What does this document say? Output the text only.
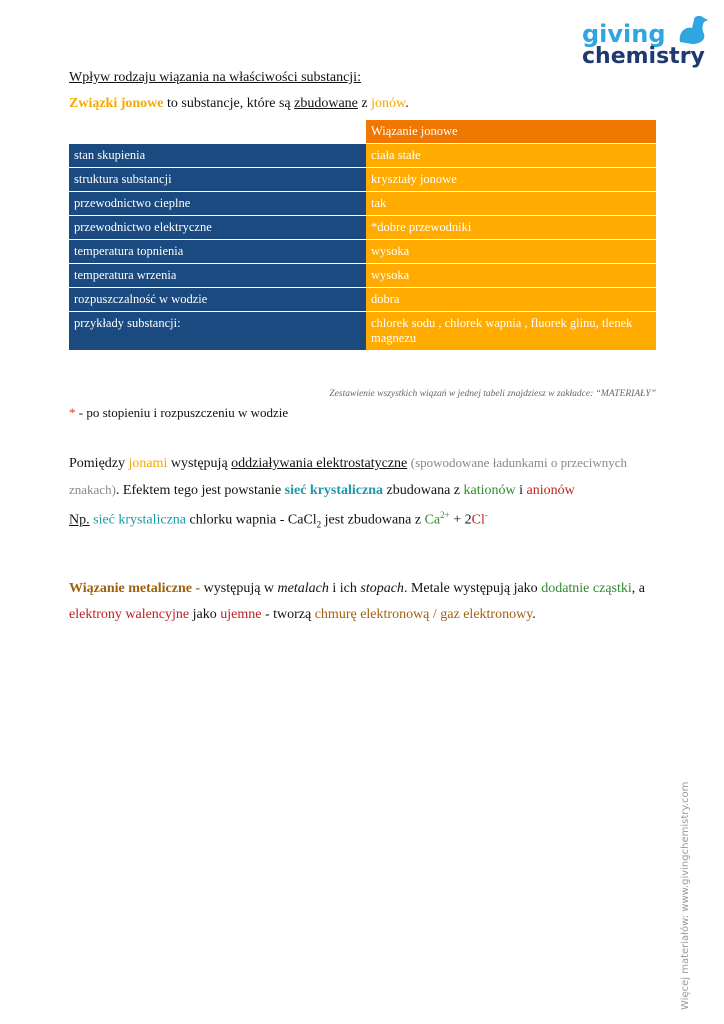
giving
chemistry
Wpływ rodzaju wiązania na właściwości substancji:
Związki jonowe to substancje, które są zbudowane z jonów.
	Wiązanie jonowe
stan skupienia	ciała stałe
struktura substancji	kryształy jonowe
przewodnictwo cieplne	tak
przewodnictwo elektryczne	*dobre przewodniki
temperatura topnienia	wysoka
temperatura wrzenia	wysoka
rozpuszczalność w wodzie	dobra
przykłady substancji:	chlorek sodu , chlorek wapnia , fluorek glinu, tlenek magnezu
Zestawienie wszystkich wiązań w jednej tabeli znajdziesz w zakładce: “MATERIAŁY”
* - po stopieniu i rozpuszczeniu w wodzie
Pomiędzy jonami występują oddziaływania elektrostatyczne (spowodowane ładunkami o przeciwnych znakach). Efektem tego jest powstanie sieć krystaliczna zbudowana z kationów i anionów
Np. sieć krystaliczna chlorku wapnia - CaCl$_2$ jest zbudowana z $Ca^{2+} + 2Cl^-$
Wiązanie metaliczne - występują w metalach i ich stopach. Metale występują jako dodatnie cząstki, a elektrony walencyjne jako ujemne - tworzą chmurę elektronową / gaz elektronowy.
Więcej materiałów: www.givingchemistry.com
